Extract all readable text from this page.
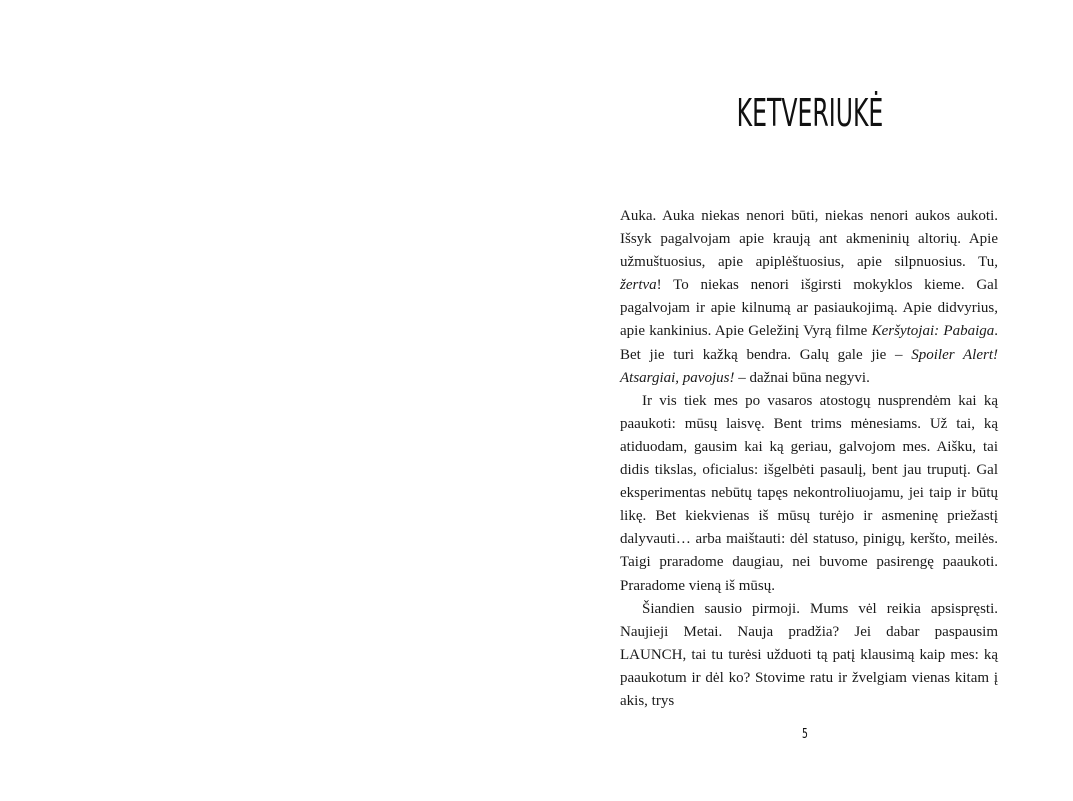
KETVERIUKĖ

Auka. Auka niekas nenori būti, niekas nenori aukos aukoti. Išsyk pagalvojam apie kraują ant akmeninių altorių. Apie užmuštuosius, apie apiplėštuosius, apie silpnuosius. Tu, žertva! To niekas nenori išgirsti mokyklos kieme. Gal pagalvojam ir apie kilnumą ar pasiaukojimą. Apie didvyrius, apie kankinius. Apie Geležinį Vyrą filme Keršytojai: Pabaiga. Bet jie turi kažką bendra. Galų gale jie – Spoiler Alert! Atsargiai, pavojus! – dažnai būna negyvi.

Ir vis tiek mes po vasaros atostogų nusprendėm kai ką paaukoti: mūsų laisvę. Bent trims mėnesiams. Už tai, ką atiduodam, gausim kai ką geriau, galvojom mes. Aišku, tai didis tikslas, oficialus: išgelbėti pasaulį, bent jau truputį. Gal eksperimentas nebūtų tapęs nekontroliuojamu, jei taip ir būtų likę. Bet kiekvienas iš mūsų turėjo ir asmeninę priežastį dalyvauti… arba maištauti: dėl statuso, pinigų, keršto, meilės. Taigi praradome daugiau, nei buvome pasirengę paaukoti. Praradome vieną iš mūsų.

Šiandien sausio pirmoji. Mums vėl reikia apsispręsti. Naujieji Metai. Nauja pradžia? Jei dabar paspausim LAUNCH, tai tu turėsi užduoti tą patį klausimą kaip mes: ką paaukotum ir dėl ko? Stovime ratu ir žvelgiam vienas kitam į akis, trys

5
